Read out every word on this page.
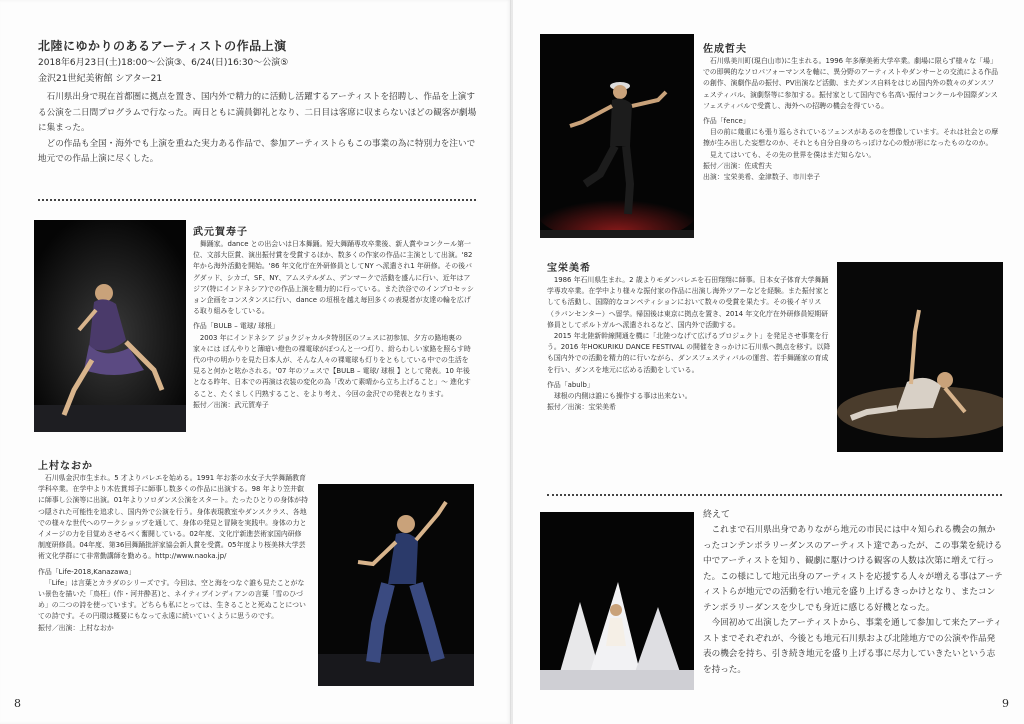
北陸にゆかりのあるアーティストの作品上演
2018年6月23日(土)18:00～公演③、6/24(日)16:30～公演⑤
金沢21世紀美術館 シアター21

石川県出身で現在首都圏に拠点を置き、国内外で精力的に活動し活躍するアーティストを招聘し、作品を上演する公演を二日間プログラムで行なった。両日ともに満員御礼となり、二日目は客席に収まらないほどの観客が劇場に集まった。

どの作品も全国・海外でも上演を重ねた実力ある作品で、参加アーティストらもこの事業の為に特別力を注いで地元での作品上演に尽くした。

武元賀寿子

舞踊家。dance との出会いは日本舞踊。短大舞踊専攻卒業後、新人賞やコンクール第一位、文部大臣賞、演出振付賞を受賞するほか、数多くの作家の作品に主演として出演。'82 年から海外活動を開始。'86 年文化庁在外研修員としてNY へ派遣され1 年研修。その後バグダッド、シカゴ、SF、NY、アムステルダム、デンマークで活動を盛んに行い、近年はアジア(特にインドネシア)での作品上演を精力的に行っている。また渋谷でのインプロセッション企画をコンスタンスに行い、dance の垣根を越え毎回多くの表現者が友達の輪を広げる取り組みをしている。

作品「BULB – 電球/ 球根」

2003 年にインドネシア ジョクジャカルタ特別区のフェスに初参加、夕方の路地裏の家々には ぼんやりと薄暗い燈色の裸電球がぽつんと一つ灯り、紛らわしい家路を照らす時代の中の明かりを見た日本人が、そんな人々の裸電球も灯りをともしている中での生活を見ると何かと呟かされる。'07 年のフェスで【BULB – 電球/ 球根 】として発表。10 年後となる昨年、日本での再演は衣装の変化の為「改めて素晴から立ち上げること」～ 進化すること、たくましく円熟すること、をより考え、今回の金沢での発表となります。

振付／出演：武元賀寿子

上村なおか

石川県金沢市生まれ。5 才よりバレエを始める。1991 年お茶の水女子大学舞踊教育学科卒業。在学中より木佐貫邦子に師事し数多くの作品に出演する。98 年より笠井叡に師事し公演等に出演。01年よりソロダンス公演をスタート。たったひとりの身体が持つ隠された可能性を追求し、国内外で公演を行う。身体表現教室やダンスクラス、各地での様々な世代へのワークショップを通して、身体の発見と冒険を実践中。身体の力とイメージの力を目覚めさせるべく奮闘している。02年度、文化庁新進芸術家国内研修制度研修員。04年度、第36回舞踊批評家協会新人賞を受賞。05年度より桜美林大学芸術文化学群にて非常勤講師を勤める。http://www.naoka.jp/

作品「Life-2018,Kanazawa」

「Life」は言葉とカラダのシリーズです。今回は、空と海をつなぐ誰も見たことがない景色を描いた「鳥枉」(作・河井酔茗)と、ネイティブインディアンの言葉「雪のひづめ」の二つの詩を使っています。どちらも私にとっては、生きることと死ぬことについての詩です。その円環は概要にもなって永遠に続いていくように思うのです。

振付／出演：上村なおか

8
佐成哲夫

石川県美川町(現白山市)に生まれる。1996 年多摩美術大学卒業。劇場に限らず様々な「場」での即興的なソロパフォーマンスを軸に、異分野のアーティストやダンサーとの交流による作品の創作、演劇作品の振付、PV出演など活動、またダンス自料をはじめ国内外の数々のダンスフェスティバル、演劇祭等に参加する。振付家として国内でも名高い振付コンクールや国際ダンスフェスティバルで受賞し、海外への招聘の機会を得ている。

作品「fence」

目の前に幾重にも張り巡らされているフェンスがあるのを想像しています。それは社会との摩擦が生み出した妄想なのか、それとも自分自身のちっぽけな心の殻が形になったものなのか。

見えてはいても、その先の世界を僕はまだ知らない。

振付／出演：佐成哲夫

出演：宝栄美希、金津数子、市川幸子

宝栄美希

1986 年石川県生まれ。2 歳よりモダンバレエを石田翔翔に師事。日本女子体育大学舞踊学専攻卒業。在学中より様々な振付家の作品に出演し海外ツアーなどを経験。また振付家としても活動し、国際的なコンペティションにおいて数々の受賞を果たす。その後イギリス（ラバンセンター）へ留学。帰国後は東京に拠点を置き、2014 年文化庁在外研修員短期研修員としてポルトガルへ派遣されるなど、国内外で活動する。

2015 年北陸新幹線開通を機に「北陸つなげて広げるプロジェクト」を発足させ事業を行う。2016 年HOKURIKU DANCE FESTIVAL の開催をきっかけに石川県へ拠点を移す。以降も国内外での活動を精力的に行いながら、ダンスフェスティバルの運営、若手舞踊家の育成を行い、ダンスを地元に広める活動をしている。

作品「abulb」

球根の内側は誰にも操作する事は出来ない。

振付／出演：宝栄美希

終えて

これまで石川県出身でありながら地元の市民には中々知られる機会の無かったコンテンポラリーダンスのアーティスト達であったが、この事業を続ける中でアーティストを知り、観劇に駆けつける観客の人数は次第に増えて行った。この様にして地元出身のアーティストを応援する人々が増える事はアーティストらが地元での活動を行い地元を盛り上げるきっかけとなり、またコンテンポラリーダンスを少しでも身近に感じる好機となった。

今回初めて出演したアーティストから、事業を通して参加して来たアーティストまでそれぞれが、今後とも地元石川県および北陸地方での公演や作品発表の機会を持ち、引き続き地元を盛り上げる事に尽力していきたいという志を持った。

9
